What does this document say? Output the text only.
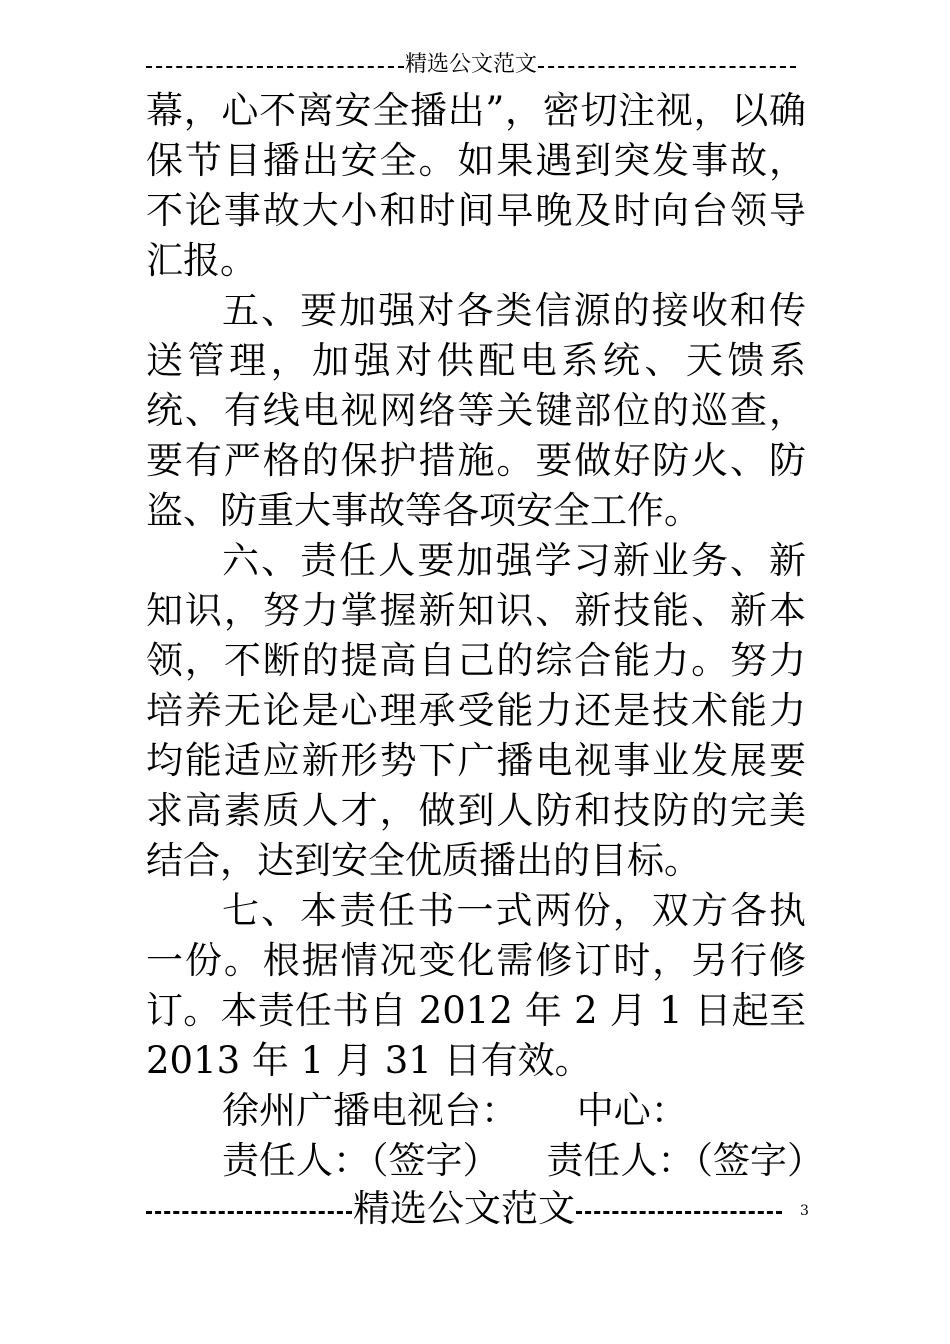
精选公文范文

幕，心不离安全播出”，密切注视，以确保节目播出安全。如果遇到突发事故，不论事故大小和时间早晚及时向台领导汇报。

五、要加强对各类信源的接收和传送管理，加强对供配电系统、天馈系统、有线电视网络等关键部位的巡查，要有严格的保护措施。要做好防火、防盗、防重大事故等各项安全工作。

六、责任人要加强学习新业务、新知识，努力掌握新知识、新技能、新本领，不断的提高自己的综合能力。努力培养无论是心理承受能力还是技术能力均能适应新形势下广播电视事业发展要求高素质人才，做到人防和技防的完美结合，达到安全优质播出的目标。

七、本责任书一式两份，双方各执一份。根据情况变化需修订时，另行修订。本责任书自 2012 年 2 月 1 日起至 2013 年 1 月 31 日有效。

徐州广播电视台：     中心：

责任人：（签字）    责任人：（签字）

精选公文范文	3
